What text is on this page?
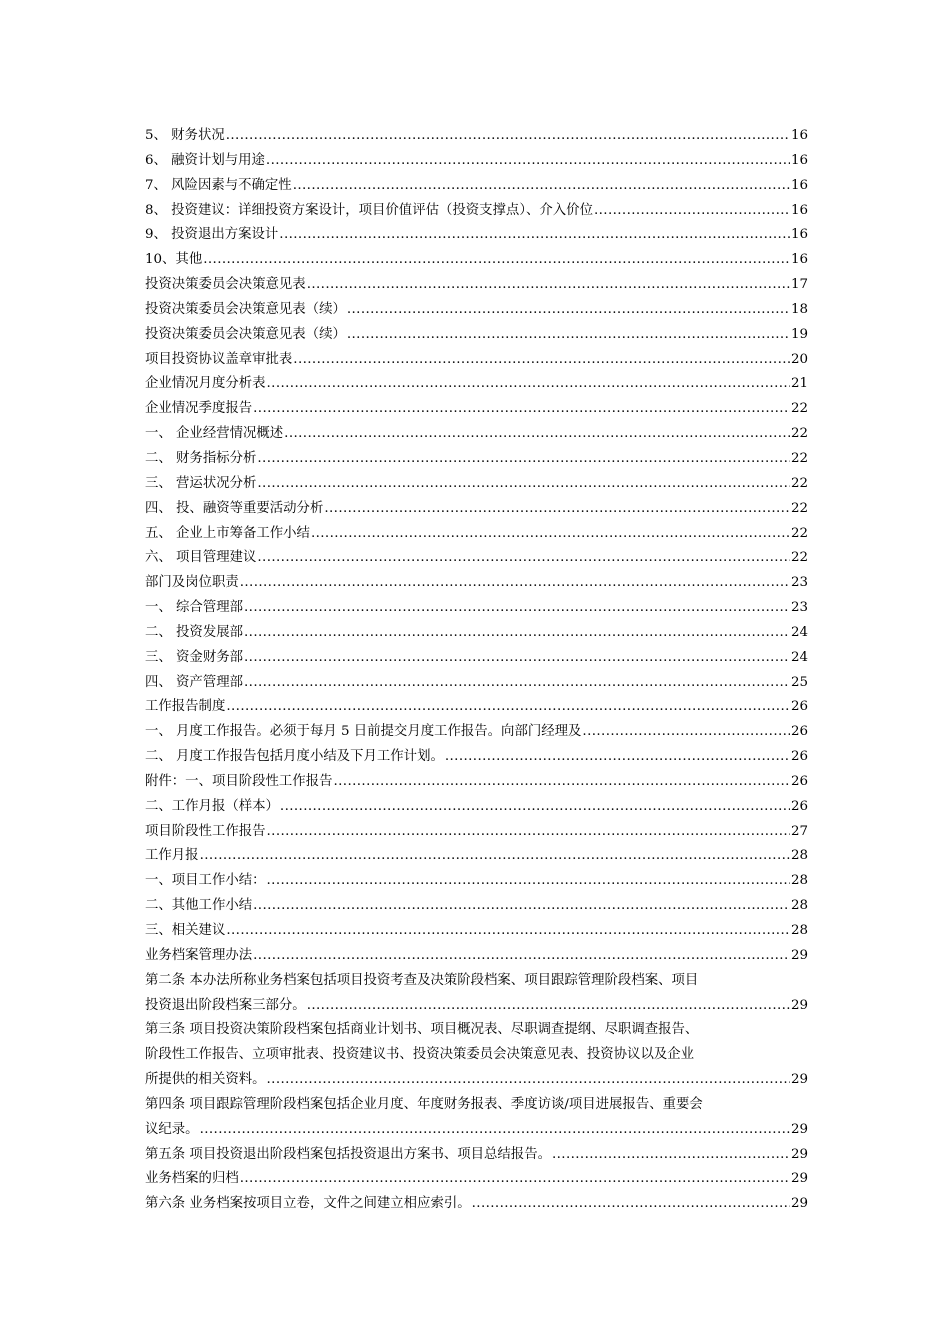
5、 财务状况 .....	16
6、 融资计划与用途 .....	16
7、 风险因素与不确定性 .....	16
8、 投资建议：详细投资方案设计，项目价值评估（投资支撑点）、介入价位 .....	16
9、 投资退出方案设计 .....	16
10、其他 .....	16
投资决策委员会决策意见表 .....	17
投资决策委员会决策意见表（续） .....	18
投资决策委员会决策意见表（续） .....	19
项目投资协议盖章审批表 .....	20
企业情况月度分析表 .....	21
企业情况季度报告 .....	22
一、 企业经营情况概述 .....	22
二、 财务指标分析 .....	22
三、 营运状况分析 .....	22
四、 投、融资等重要活动分析 .....	22
五、 企业上市筹备工作小结 .....	22
六、 项目管理建议 .....	22
部门及岗位职责 .....	23
一、 综合管理部 .....	23
二、 投资发展部 .....	24
三、 资金财务部 .....	24
四、 资产管理部 .....	25
工作报告制度 .....	26
一、 月度工作报告。必须于每月 5 日前提交月度工作报告。向部门经理及 .....	26
二、 月度工作报告包括月度小结及下月工作计划。 .....	26
附件：一、项目阶段性工作报告 .....	26
二、工作月报（样本） .....	26
项目阶段性工作报告 .....	27
工作月报 .....	28
一、项目工作小结： .....	28
二、其他工作小结 .....	28
三、相关建议 .....	28
业务档案管理办法 .....	29
第二条 本办法所称业务档案包括项目投资考查及决策阶段档案、项目跟踪管理阶段档案、项目
投资退出阶段档案三部分。 .....	29
第三条 项目投资决策阶段档案包括商业计划书、项目概况表、尽职调查提纲、尽职调查报告、
阶段性工作报告、立项审批表、投资建议书、投资决策委员会决策意见表、投资协议以及企业
所提供的相关资料。 .....	29
第四条 项目跟踪管理阶段档案包括企业月度、年度财务报表、季度访谈/项目进展报告、重要会
议纪录。 .....	29
第五条 项目投资退出阶段档案包括投资退出方案书、项目总结报告。 .....	29
业务档案的归档 .....	29
第六条 业务档案按项目立卷，文件之间建立相应索引。 .....	29
